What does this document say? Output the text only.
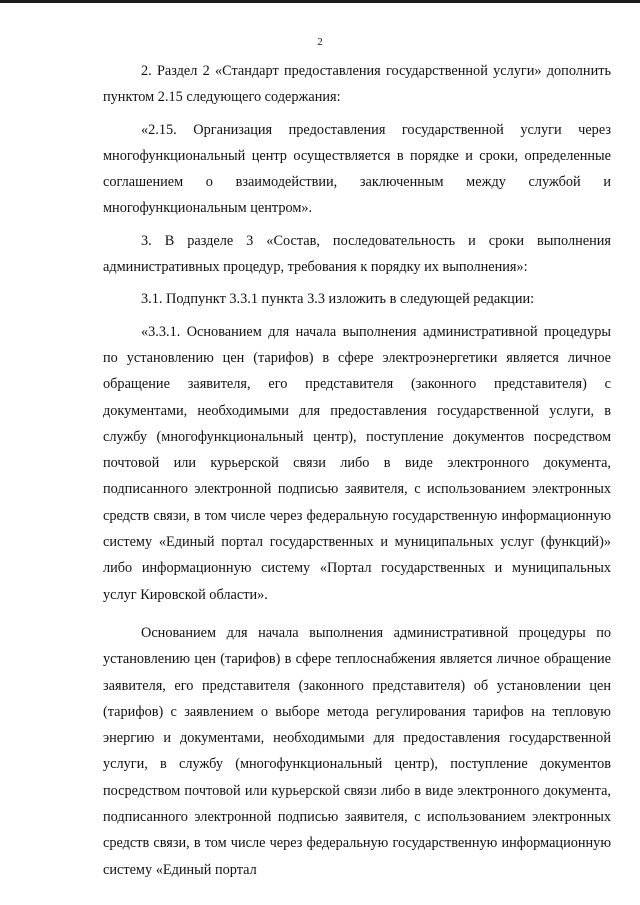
2

2. Раздел 2 «Стандарт предоставления государственной услуги» дополнить пунктом 2.15 следующего содержания:

«2.15. Организация предоставления государственной услуги через многофункциональный центр осуществляется в порядке и сроки, определенные соглашением о взаимодействии, заключенным между службой и многофункциональным центром».

3. В разделе 3 «Состав, последовательность и сроки выполнения административных процедур, требования к порядку их выполнения»:

3.1. Подпункт 3.3.1 пункта 3.3 изложить в следующей редакции:

«3.3.1. Основанием для начала выполнения административной процедуры по установлению цен (тарифов) в сфере электроэнергетики является личное обращение заявителя, его представителя (законного представителя) с документами, необходимыми для предоставления государственной услуги, в службу (многофункциональный центр), поступление документов посредством почтовой или курьерской связи либо в виде электронного документа, подписанного электронной подписью заявителя, с использованием электронных средств связи, в том числе через федеральную государственную информационную систему «Единый портал государственных и муниципальных услуг (функций)» либо информационную систему «Портал государственных и муниципальных услуг Кировской области».

Основанием для начала выполнения административной процедуры по установлению цен (тарифов) в сфере теплоснабжения является личное обращение заявителя, его представителя (законного представителя) об установлении цен (тарифов) с заявлением о выборе метода регулирования тарифов на тепловую энергию и документами, необходимыми для предоставления государственной услуги, в службу (многофункциональный центр), поступление документов посредством почтовой или курьерской связи либо в виде электронного документа, подписанного электронной подписью заявителя, с использованием электронных средств связи, в том числе через федеральную государственную информационную систему «Единый портал
